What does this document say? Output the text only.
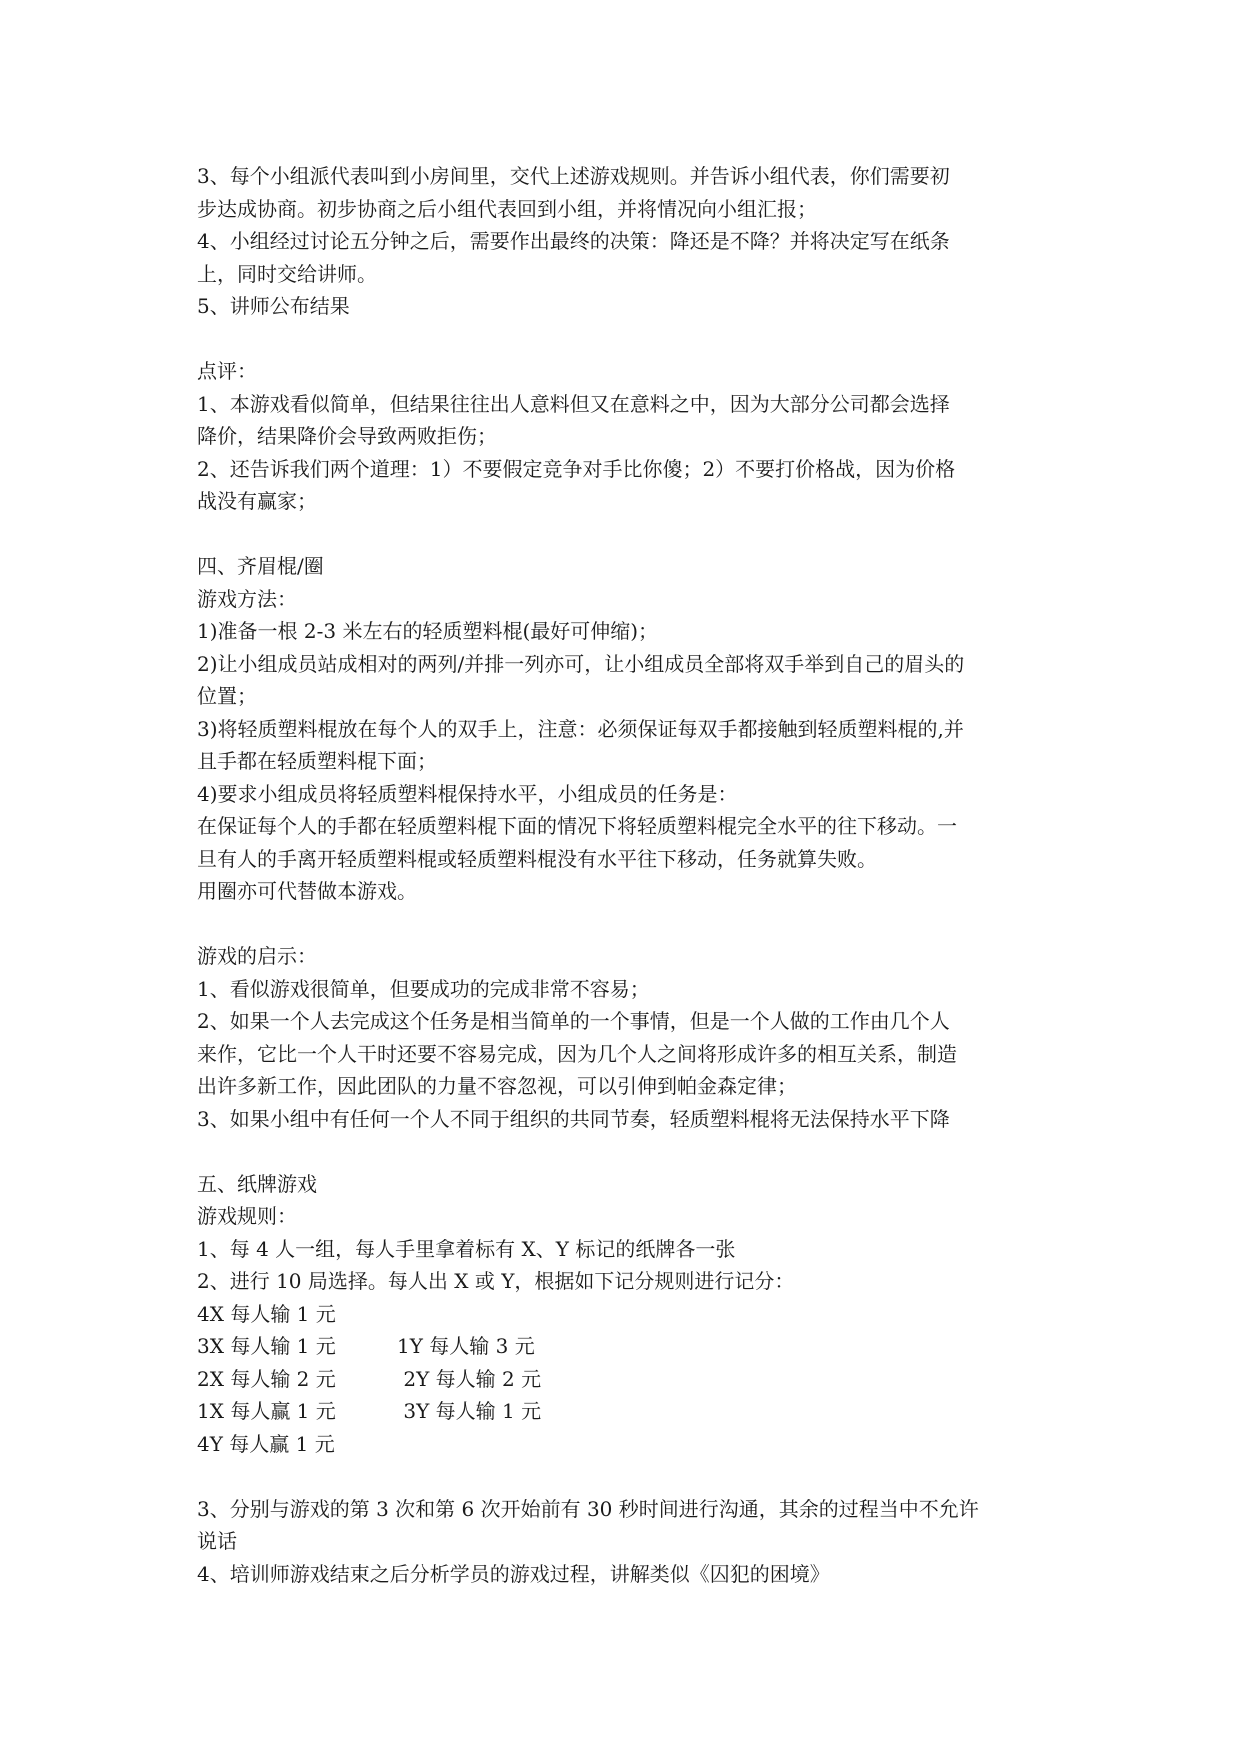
3、每个小组派代表叫到小房间里，交代上述游戏规则。并告诉小组代表，你们需要初
步达成协商。初步协商之后小组代表回到小组，并将情况向小组汇报；
4、小组经过讨论五分钟之后，需要作出最终的决策：降还是不降？并将决定写在纸条
上，同时交给讲师。
5、讲师公布结果
点评：
1、本游戏看似简单，但结果往往出人意料但又在意料之中，因为大部分公司都会选择
降价，结果降价会导致两败拒伤；
2、还告诉我们两个道理：1）不要假定竞争对手比你傻；2）不要打价格战，因为价格
战没有赢家；
四、齐眉棍/圈
游戏方法：
1)准备一根 2-3 米左右的轻质塑料棍(最好可伸缩)；
2)让小组成员站成相对的两列/并排一列亦可，让小组成员全部将双手举到自己的眉头的
位置；
3)将轻质塑料棍放在每个人的双手上，注意：必须保证每双手都接触到轻质塑料棍的,并
且手都在轻质塑料棍下面；
4)要求小组成员将轻质塑料棍保持水平，小组成员的任务是：
在保证每个人的手都在轻质塑料棍下面的情况下将轻质塑料棍完全水平的往下移动。一
旦有人的手离开轻质塑料棍或轻质塑料棍没有水平往下移动，任务就算失败。
用圈亦可代替做本游戏。
游戏的启示：
1、看似游戏很简单，但要成功的完成非常不容易；
2、如果一个人去完成这个任务是相当简单的一个事情，但是一个人做的工作由几个人
来作，它比一个人干时还要不容易完成，因为几个人之间将形成许多的相互关系，制造
出许多新工作，因此团队的力量不容忽视，可以引伸到帕金森定律；
3、如果小组中有任何一个人不同于组织的共同节奏，轻质塑料棍将无法保持水平下降
五、纸牌游戏
游戏规则：
1、每 4 人一组，每人手里拿着标有 X、Y 标记的纸牌各一张
2、进行 10 局选择。每人出 X 或 Y，根据如下记分规则进行记分：
4X 每人输 1 元
3X 每人输 1 元	1Y 每人输 3 元
2X 每人输 2 元	2Y 每人输 2 元
1X 每人赢 1 元	3Y 每人输 1 元
4Y 每人赢 1 元
3、分别与游戏的第 3 次和第 6 次开始前有 30 秒时间进行沟通，其余的过程当中不允许
说话
4、培训师游戏结束之后分析学员的游戏过程，讲解类似《囚犯的困境》
